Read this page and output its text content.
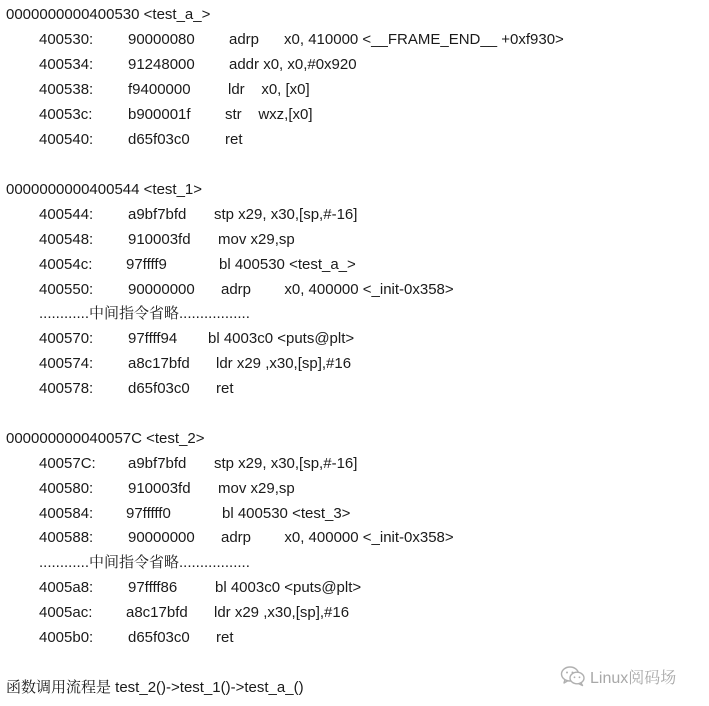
0000000000400530 <test_a_>
400530: 90000080 adrp      x0, 410000 <__FRAME_END__ +0xf930>
400534: 91248000 addr x0, x0,#0x920
400538: f9400000 ldr    x0, [x0]
40053c: b900001f str    wxz,[x0]
400540: d65f03c0 ret
0000000000400544 <test_1>
400544: a9bf7bfd stp x29, x30,[sp,#-16]
400548: 910003fd mov x29,sp
40054c: 97ffff9	bl 400530 <test_a_>
400550: 90000000 adrp        x0, 400000 <_init-0x358>
............中间指令省略.................
400570: 97ffff94 bl 4003c0 <puts@plt>
400574: a8c17bfd ldr x29 ,x30,[sp],#16
400578: d65f03c0 ret
000000000040057C <test_2>
40057C: a9bf7bfd stp x29, x30,[sp,#-16]
400580: 910003fd mov x29,sp
400584: 97fffff0	bl 400530 <test_3>
400588: 90000000 adrp        x0, 400000 <_init-0x358>
............中间指令省略.................
4005a8: 97ffff86	bl 4003c0 <puts@plt>
4005ac: a8c17bfd ldr x29 ,x30,[sp],#16
4005b0: d65f03c0 ret
函数调用流程是 test_2()->test_1()->test_a_()
Linux阅码场
